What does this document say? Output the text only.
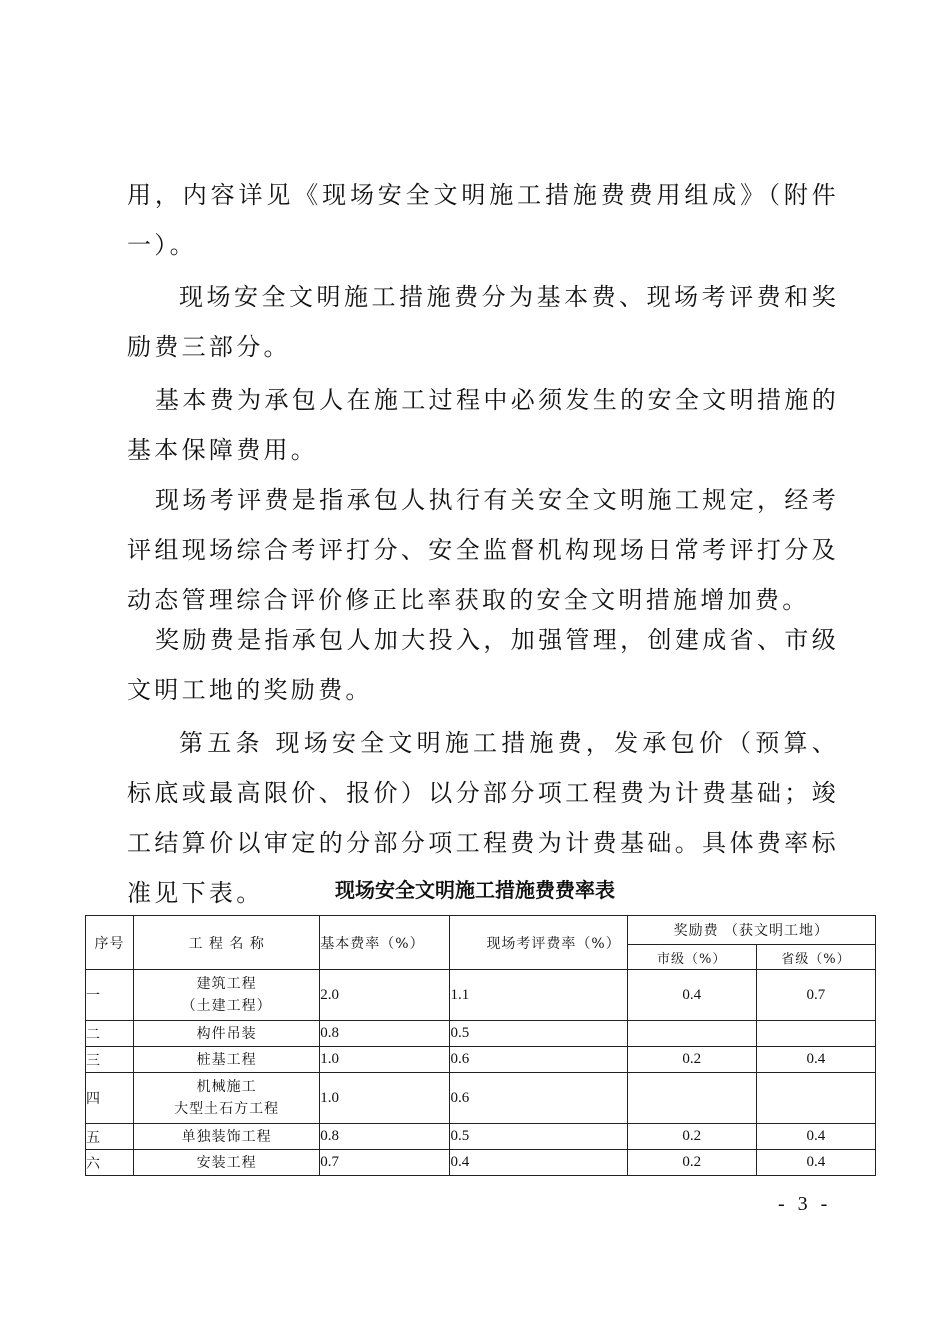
用，内容详见《现场安全文明施工措施费费用组成》（附件一）。

现场安全文明施工措施费分为基本费、现场考评费和奖励费三部分。

基本费为承包人在施工过程中必须发生的安全文明措施的基本保障费用。

现场考评费是指承包人执行有关安全文明施工规定，经考评组现场综合考评打分、安全监督机构现场日常考评打分及动态管理综合评价修正比率获取的安全文明措施增加费。

奖励费是指承包人加大投入，加强管理，创建成省、市级文明工地的奖励费。

第五条 现场安全文明施工措施费，发承包价（预算、标底或最高限价、报价）以分部分项工程费为计费基础；竣工结算价以审定的分部分项工程费为计费基础。具体费率标准见下表。	现场安全文明施工措施费费率表
序号	工 程 名 称	基本费率（%）	现场考评费率（%）	奖励费 （获文明工地）	
				市级（%）	省级（%）
一	建筑工程
（土建工程）	2.0	1.1	0.4	0.7
二	构件吊装	0.8	0.5		
三	桩基工程	1.0	0.6	0.2	0.4
四	机械施工
大型土石方工程	1.0	0.6		
五	单独装饰工程	0.8	0.5	0.2	0.4
六	安装工程	0.7	0.4	0.2	0.4
- 3 -
